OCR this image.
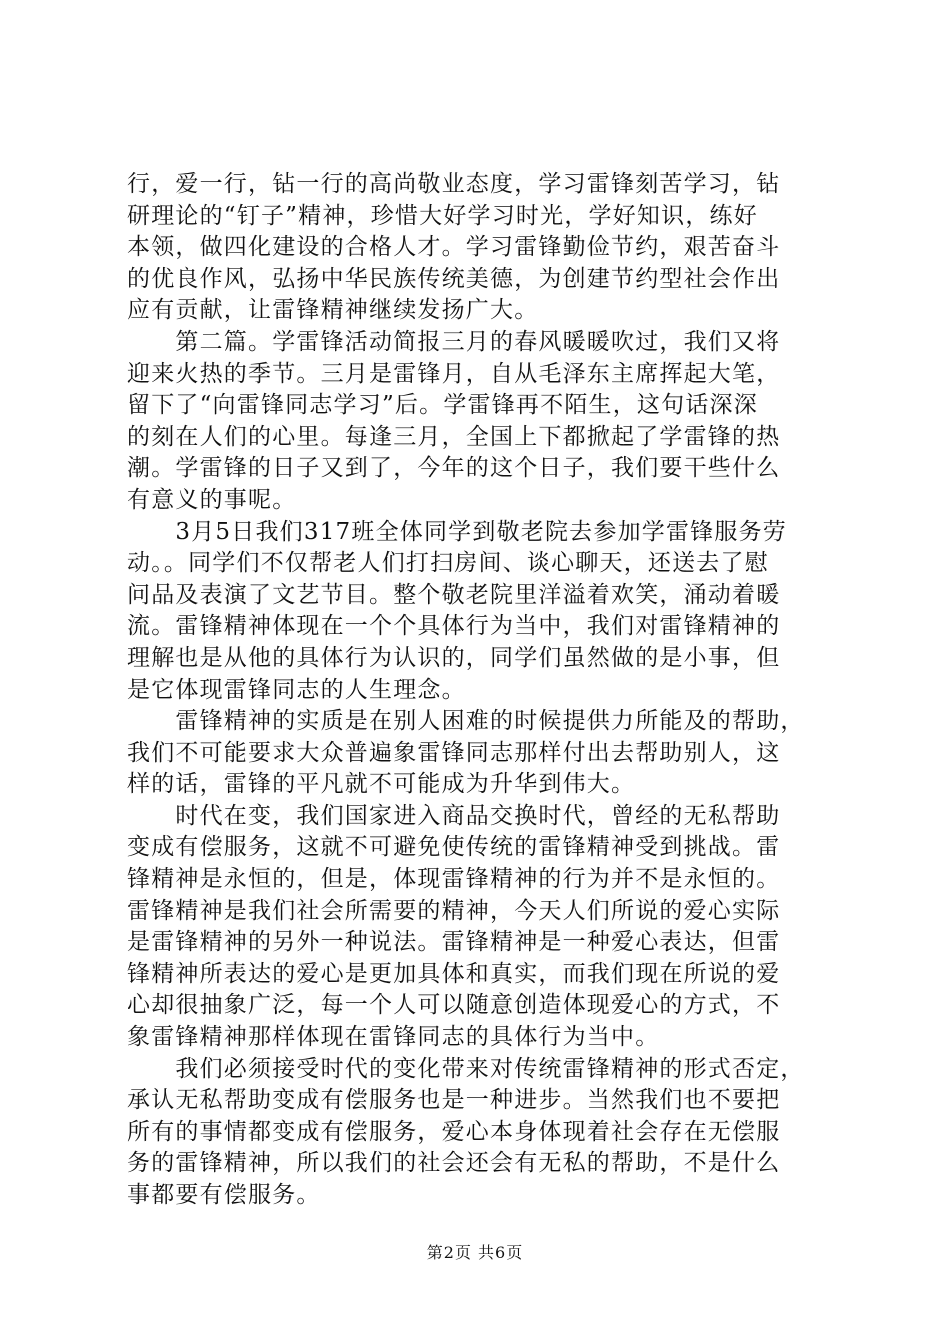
行，爱一行，钻一行的高尚敬业态度，学习雷锋刻苦学习，钻
研理论的“钉子”精神，珍惜大好学习时光，学好知识，练好
本领，做四化建设的合格人才。学习雷锋勤俭节约，艰苦奋斗
的优良作风，弘扬中华民族传统美德，为创建节约型社会作出
应有贡献，让雷锋精神继续发扬广大。
　　第二篇。学雷锋活动简报三月的春风暖暖吹过，我们又将
迎来火热的季节。三月是雷锋月，自从毛泽东主席挥起大笔，
留下了“向雷锋同志学习”后。学雷锋再不陌生，这句话深深
的刻在人们的心里。每逢三月，全国上下都掀起了学雷锋的热
潮。学雷锋的日子又到了，今年的这个日子，我们要干些什么
有意义的事呢。
　　3月5日我们317班全体同学到敬老院去参加学雷锋服务劳
动。。同学们不仅帮老人们打扫房间、谈心聊天，还送去了慰
问品及表演了文艺节目。整个敬老院里洋溢着欢笑，涌动着暖
流。雷锋精神体现在一个个具体行为当中，我们对雷锋精神的
理解也是从他的具体行为认识的，同学们虽然做的是小事，但
是它体现雷锋同志的人生理念。
　　雷锋精神的实质是在别人困难的时候提供力所能及的帮助，
我们不可能要求大众普遍象雷锋同志那样付出去帮助别人，这
样的话，雷锋的平凡就不可能成为升华到伟大。
　　时代在变，我们国家进入商品交换时代，曾经的无私帮助
变成有偿服务，这就不可避免使传统的雷锋精神受到挑战。雷
锋精神是永恒的，但是，体现雷锋精神的行为并不是永恒的。
雷锋精神是我们社会所需要的精神，今天人们所说的爱心实际
是雷锋精神的另外一种说法。雷锋精神是一种爱心表达，但雷
锋精神所表达的爱心是更加具体和真实，而我们现在所说的爱
心却很抽象广泛，每一个人可以随意创造体现爱心的方式，不
象雷锋精神那样体现在雷锋同志的具体行为当中。
　　我们必须接受时代的变化带来对传统雷锋精神的形式否定，
承认无私帮助变成有偿服务也是一种进步。当然我们也不要把
所有的事情都变成有偿服务，爱心本身体现着社会存在无偿服
务的雷锋精神，所以我们的社会还会有无私的帮助，不是什么
事都要有偿服务。
第2页 共6页
